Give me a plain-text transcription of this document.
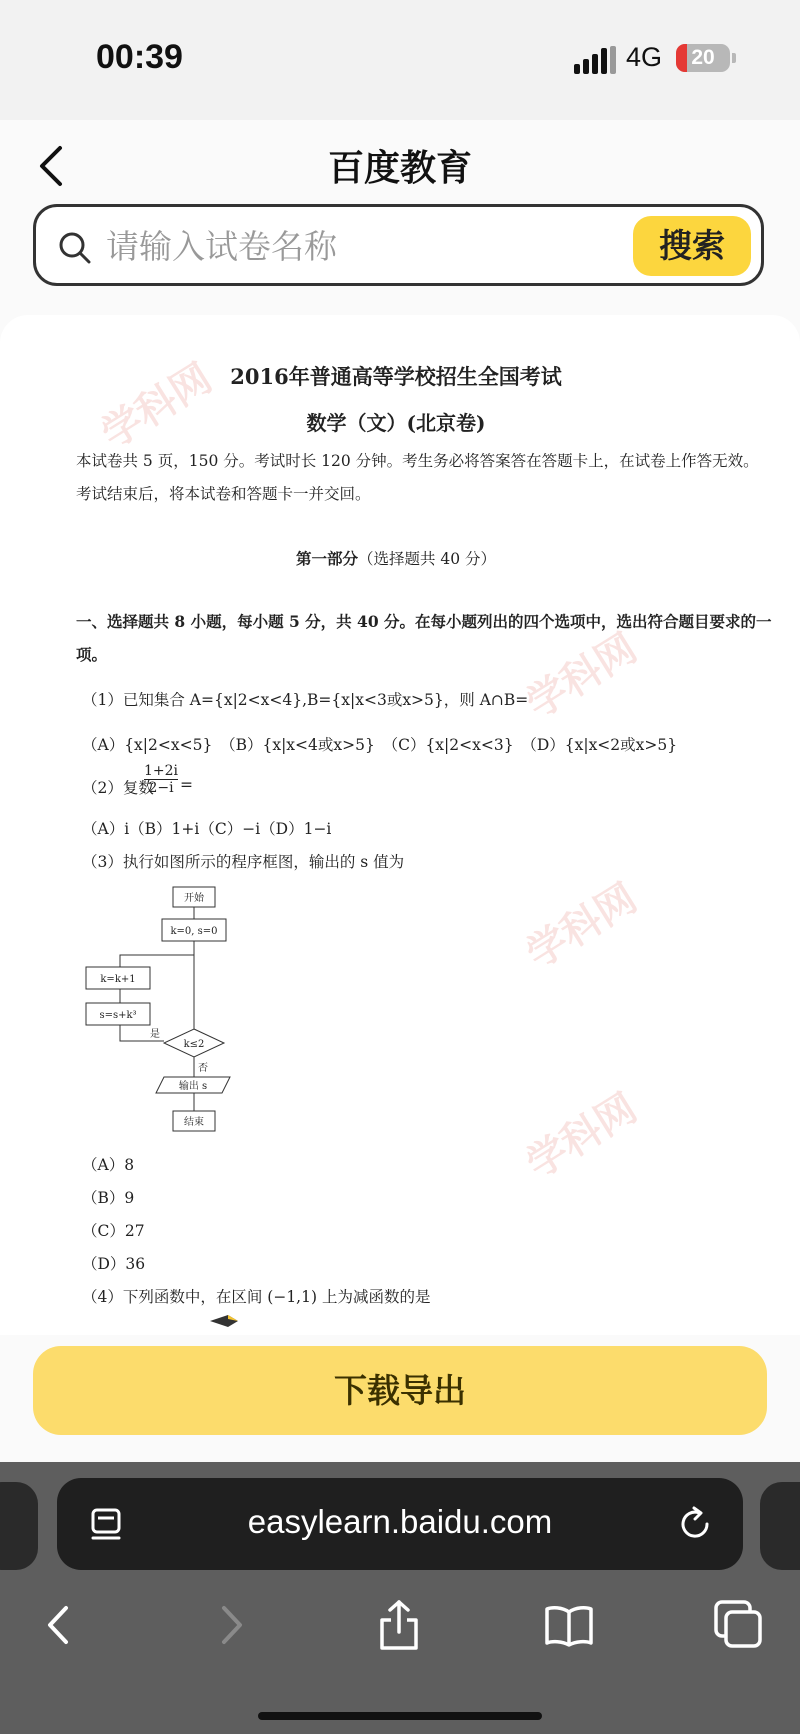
00:39	4G	20
百度教育
请输入试卷名称
搜索
学科网
学科网
学科网
学科网
2016年普通高等学校招生全国考试
数学（文）(北京卷)
本试卷共 5 页，150 分。考试时长 120 分钟。考生务必将答案答在答题卡上，在试卷上作答无效。考试结束后，将本试卷和答题卡一并交回。
第一部分（选择题共 40 分）
一、选择题共 8 小题，每小题 5 分，共 40 分。在每小题列出的四个选项中，选出符合题目要求的一项。
（1）已知集合 A={x|2<x<4},B={x|x<3或x>5}，则 A∩B=
（A）{x|2<x<5}　（B）{x|x<4或x>5}　（C）{x|2<x<3}　（D）{x|x<2或x>5}
（2）复数
$\frac{1+2i}{2-i}$ =
（A）i（B）1+i（C）−i（D）1−i
（3）执行如图所示的程序框图，输出的 s 值为
开始
k=0, s=0
k=k+1
s=s+k³
是
k≤2
否
输出 s
结束
（A）8
（B）9
（C）27
（D）36
（4）下列函数中，在区间 (−1,1) 上为减函数的是
下载导出
easylearn.baidu.com
